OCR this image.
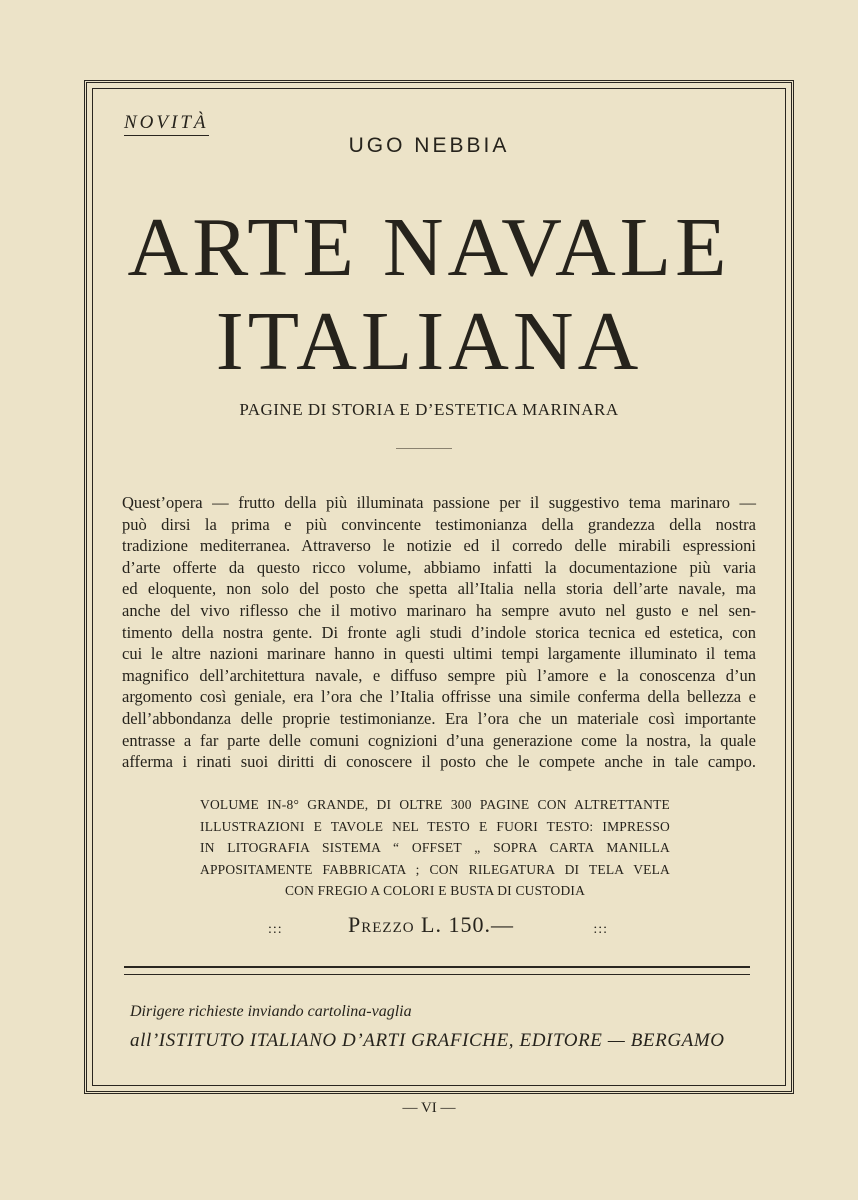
NOVITÀ
UGO NEBBIA
ARTE NAVALE
ITALIANA
PAGINE DI STORIA E D’ESTETICA MARINARA
Quest’opera — frutto della più illuminata passione per il suggestivo tema marinaro —
può dirsi la prima e più convincente testimonianza della grandezza della nostra
tradizione mediterranea. Attraverso le notizie ed il corredo delle mirabili espressioni
d’arte offerte da questo ricco volume, abbiamo infatti la documentazione più varia
ed eloquente, non solo del posto che spetta all’Italia nella storia dell’arte navale, ma
anche del vivo riflesso che il motivo marinaro ha sempre avuto nel gusto e nel sen-
timento della nostra gente. Di fronte agli studi d’indole storica tecnica ed estetica, con
cui le altre nazioni marinare hanno in questi ultimi tempi largamente illuminato il tema
magnifico dell’architettura navale, e diffuso sempre più l’amore e la conoscenza d’un
argomento così geniale, era l’ora che l’Italia offrisse una simile conferma della bellezza e
dell’abbondanza delle proprie testimonianze. Era l’ora che un materiale così importante
entrasse a far parte delle comuni cognizioni d’una generazione come la nostra, la quale
afferma i rinati suoi diritti di conoscere il posto che le compete anche in tale campo.
VOLUME IN-8° GRANDE, DI OLTRE 300 PAGINE CON ALTRETTANTE
ILLUSTRAZIONI E TAVOLE NEL TESTO E FUORI TESTO: IMPRESSO
IN LITOGRAFIA SISTEMA “ OFFSET „ SOPRA CARTA MANILLA
APPOSITAMENTE FABBRICATA ; CON RILEGATURA DI TELA VELA
CON FREGIO A COLORI E BUSTA DI CUSTODIA
:::	Prezzo L. 150.—	:::
Dirigere richieste inviando cartolina-vaglia
all’ISTITUTO ITALIANO D’ARTI GRAFICHE, EDITORE — BERGAMO
— VI —
